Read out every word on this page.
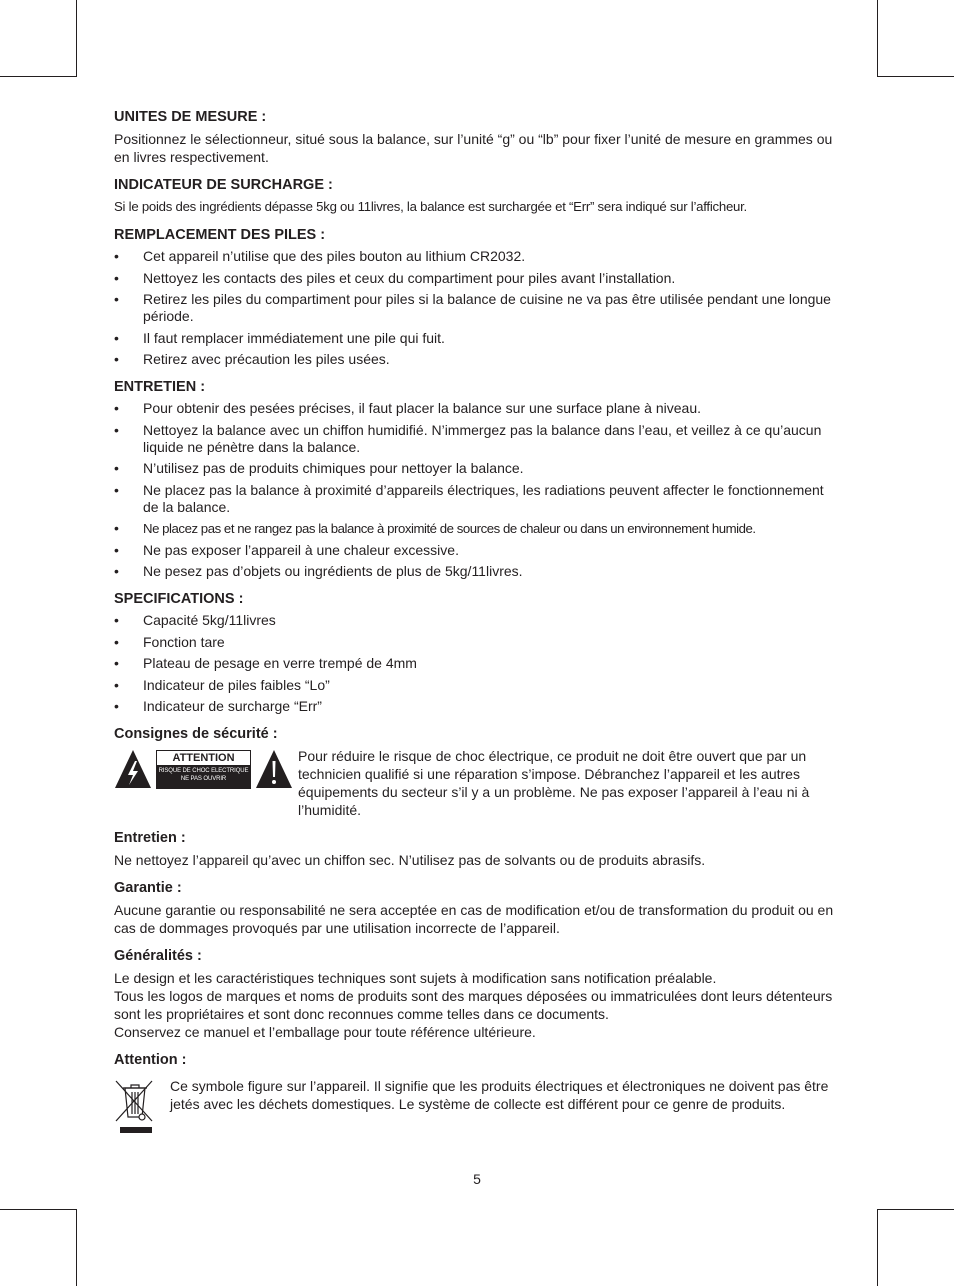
UNITES DE MESURE :

Positionnez le sélectionneur, situé sous la balance, sur l’unité “g” ou “lb” pour fixer l’unité de mesure en grammes ou en livres respectivement.

INDICATEUR DE SURCHARGE :

Si le poids des ingrédients dépasse 5kg ou 11livres, la balance est surchargée et “Err” sera indiqué sur l’afficheur.

REMPLACEMENT DES PILES :
• Cet appareil n’utilise que des piles bouton au lithium CR2032.
• Nettoyez les contacts des piles et ceux du compartiment pour piles avant l’installation.
• Retirez les piles du compartiment pour piles si la balance de cuisine ne va pas être utilisée pendant une longue période.
• Il faut remplacer immédiatement une pile qui fuit.
• Retirez avec précaution les piles usées.
ENTRETIEN :
• Pour obtenir des pesées précises, il faut placer la balance sur une surface plane à niveau.
• Nettoyez la balance avec un chiffon humidifié. N’immergez pas la balance dans l’eau, et veillez à ce qu’aucun liquide ne pénètre dans la balance.
• N’utilisez pas de produits chimiques pour nettoyer la balance.
• Ne placez pas la balance à proximité d’appareils électriques, les radiations peuvent affecter le fonctionnement de la balance.
• Ne placez pas et ne rangez pas la balance à proximité de sources de chaleur ou dans un environnement humide.
• Ne pas exposer l’appareil à une chaleur excessive.
• Ne pesez pas d’objets ou ingrédients de plus de 5kg/11livres.
SPECIFICATIONS :
• Capacité 5kg/11livres
• Fonction tare
• Plateau de pesage en verre trempé de 4mm
• Indicateur de piles faibles “Lo”
• Indicateur de surcharge “Err”
Consignes de sécurité :
ATTENTION
RISQUE DE CHOC ELECTRIQUE
NE PAS OUVRIR

Pour réduire le risque de choc électrique, ce produit ne doit être ouvert que par un technicien qualifié si une réparation s’impose. Débranchez l’appareil et les autres équipements du secteur s’il y a un problème. Ne pas exposer l’appareil à l’eau ni à l’humidité.

Entretien :

Ne nettoyez l’appareil qu’avec un chiffon sec. N’utilisez pas de solvants ou de produits abrasifs.

Garantie :

Aucune garantie ou responsabilité ne sera acceptée en cas de modification et/ou de transformation du produit ou en cas de dommages provoqués par une utilisation incorrecte de l’appareil.

Généralités :

Le design et les caractéristiques techniques sont sujets à modification sans notification préalable.

Tous les logos de marques et noms de produits sont des marques déposées ou immatriculées dont leurs détenteurs sont les propriétaires et sont donc reconnues comme telles dans ce documents.

Conservez ce manuel et l’emballage pour toute référence ultérieure.

Attention :

Ce symbole figure sur l’appareil. Il signifie que les produits électriques et électroniques ne doivent pas être jetés avec les déchets domestiques. Le système de collecte est différent pour ce genre de produits.

5
